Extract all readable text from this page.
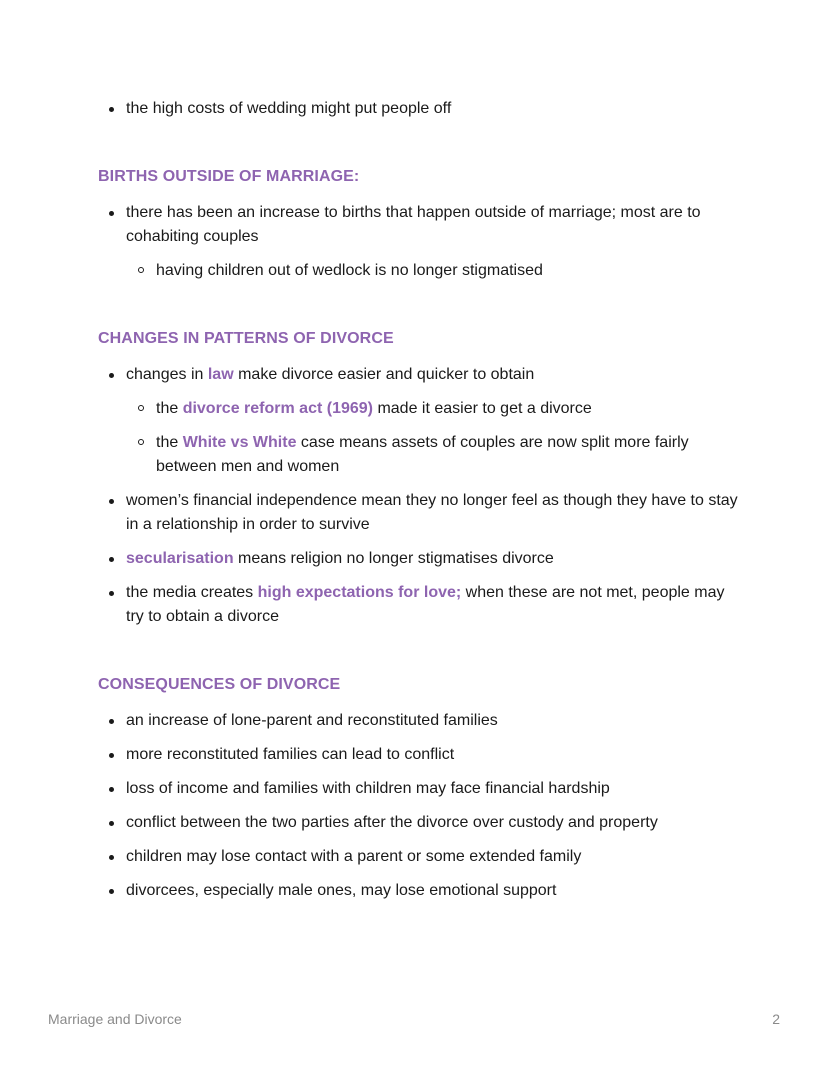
the high costs of wedding might put people off
BIRTHS OUTSIDE OF MARRIAGE:
there has been an increase to births that happen outside of marriage; most are to cohabiting couples
having children out of wedlock is no longer stigmatised
CHANGES IN PATTERNS OF DIVORCE
changes in law make divorce easier and quicker to obtain
the divorce reform act (1969) made it easier to get a divorce
the White vs White case means assets of couples are now split more fairly between men and women
women’s financial independence mean they no longer feel as though they have to stay in a relationship in order to survive
secularisation means religion no longer stigmatises divorce
the media creates high expectations for love; when these are not met, people may try to obtain a divorce
CONSEQUENCES OF DIVORCE
an increase of lone-parent and reconstituted families
more reconstituted families can lead to conflict
loss of income and families with children may face financial hardship
conflict between the two parties after the divorce over custody and property
children may lose contact with a parent or some extended family
divorcees, especially male ones, may lose emotional support
Marriage and Divorce	2
